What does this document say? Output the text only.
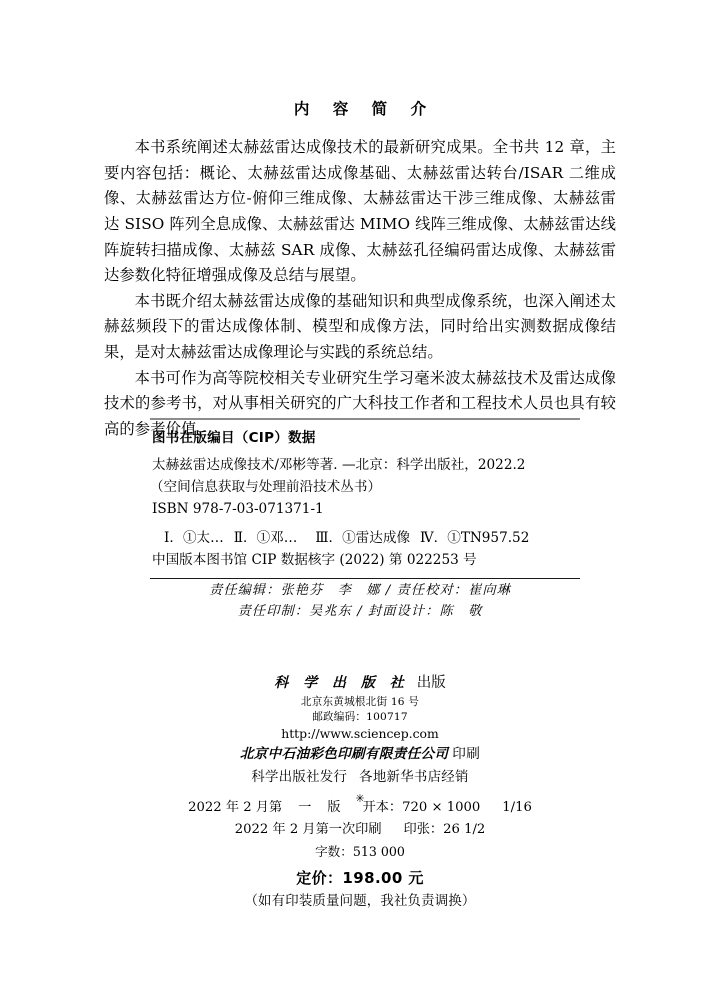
内 容 简 介

本书系统阐述太赫兹雷达成像技术的最新研究成果。全书共 12 章，主要内容包括：概论、太赫兹雷达成像基础、太赫兹雷达转台/ISAR 二维成像、太赫兹雷达方位-俯仰三维成像、太赫兹雷达干涉三维成像、太赫兹雷达 SISO 阵列全息成像、太赫兹雷达 MIMO 线阵三维成像、太赫兹雷达线阵旋转扫描成像、太赫兹 SAR 成像、太赫兹孔径编码雷达成像、太赫兹雷达参数化特征增强成像及总结与展望。

本书既介绍太赫兹雷达成像的基础知识和典型成像系统，也深入阐述太赫兹频段下的雷达成像体制、模型和成像方法，同时给出实测数据成像结果，是对太赫兹雷达成像理论与实践的系统总结。

本书可作为高等院校相关专业研究生学习毫米波太赫兹技术及雷达成像技术的参考书，对从事相关研究的广大科技工作者和工程技术人员也具有较高的参考价值。

图书在版编目（CIP）数据

太赫兹雷达成像技术/邓彬等著. —北京：科学出版社，2022.2

（空间信息获取与处理前沿技术丛书）

ISBN 978-7-03-071371-1

Ⅰ．①太… Ⅱ．①邓… Ⅲ．①雷达成像 Ⅳ．①TN957.52

中国版本图书馆 CIP 数据核字 (2022) 第 022253 号

责任编辑：张艳芬　李　娜 / 责任校对：崔向琳

责任印制：吴兆东 / 封面设计：陈　敬

科 学 出 版 社 出版

北京东黄城根北街 16 号

邮政编码：100717

http://www.sciencep.com

北京中石油彩色印刷有限责任公司 印刷

科学出版社发行 各地新华书店经销

✳

2022 年 2 月第 一 版 开本：720 × 1000 1/16

2022 年 2 月第一次印刷 印张：26 1/2

字数：513 000

定价：198.00 元

（如有印装质量问题，我社负责调换）
